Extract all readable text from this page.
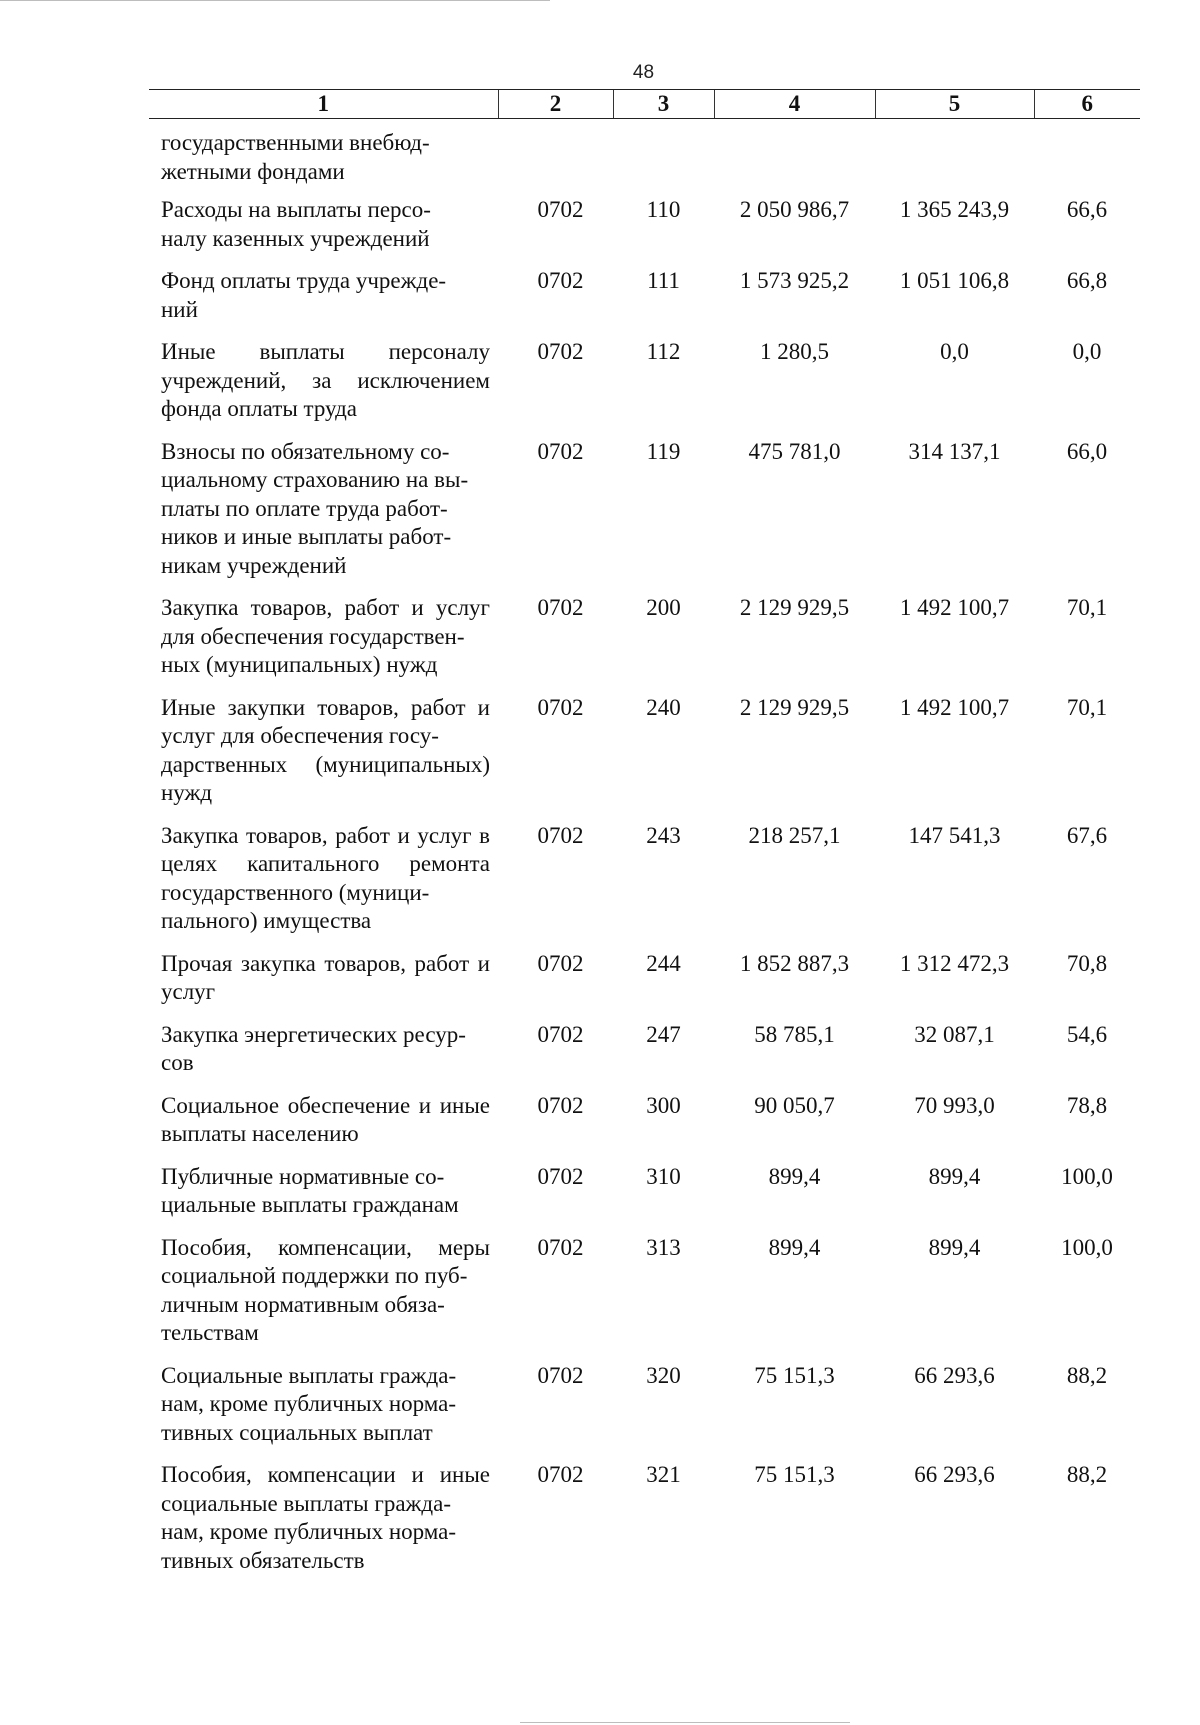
48
1	2	3	4	5	6
государственными внебюд-
жетными фондами					
Расходы на выплаты персо-
налу казенных учреждений	0702	110	2 050 986,7	1 365 243,9	66,6
Фонд оплаты труда учрежде-
ний	0702	111	1 573 925,2	1 051 106,8	66,8
Иные выплаты персоналу учреждений, за исключением фонда оплаты труда	0702	112	1 280,5	0,0	0,0
Взносы по обязательному со-
циальному страхованию на вы-
платы по оплате труда работ-
ников и иные выплаты работ-
никам учреждений	0702	119	475 781,0	314 137,1	66,0
Закупка товаров, работ и услуг для обеспечения государствен-
ных (муниципальных) нужд	0702	200	2 129 929,5	1 492 100,7	70,1
Иные закупки товаров, работ и услуг для обеспечения госу-
дарственных (муниципальных) нужд	0702	240	2 129 929,5	1 492 100,7	70,1
Закупка товаров, работ и услуг в целях капитального ремонта государственного (муници-
пального) имущества	0702	243	218 257,1	147 541,3	67,6
Прочая закупка товаров, работ и услуг	0702	244	1 852 887,3	1 312 472,3	70,8
Закупка энергетических ресур-
сов	0702	247	58 785,1	32 087,1	54,6
Социальное обеспечение и иные выплаты населению	0702	300	90 050,7	70 993,0	78,8
Публичные нормативные со-
циальные выплаты гражданам	0702	310	899,4	899,4	100,0
Пособия, компенсации, меры социальной поддержки по пуб-
личным нормативным обяза-
тельствам	0702	313	899,4	899,4	100,0
Социальные выплаты гражда-
нам, кроме публичных норма-
тивных социальных выплат	0702	320	75 151,3	66 293,6	88,2
Пособия, компенсации и иные социальные выплаты гражда-
нам, кроме публичных норма-
тивных обязательств	0702	321	75 151,3	66 293,6	88,2
